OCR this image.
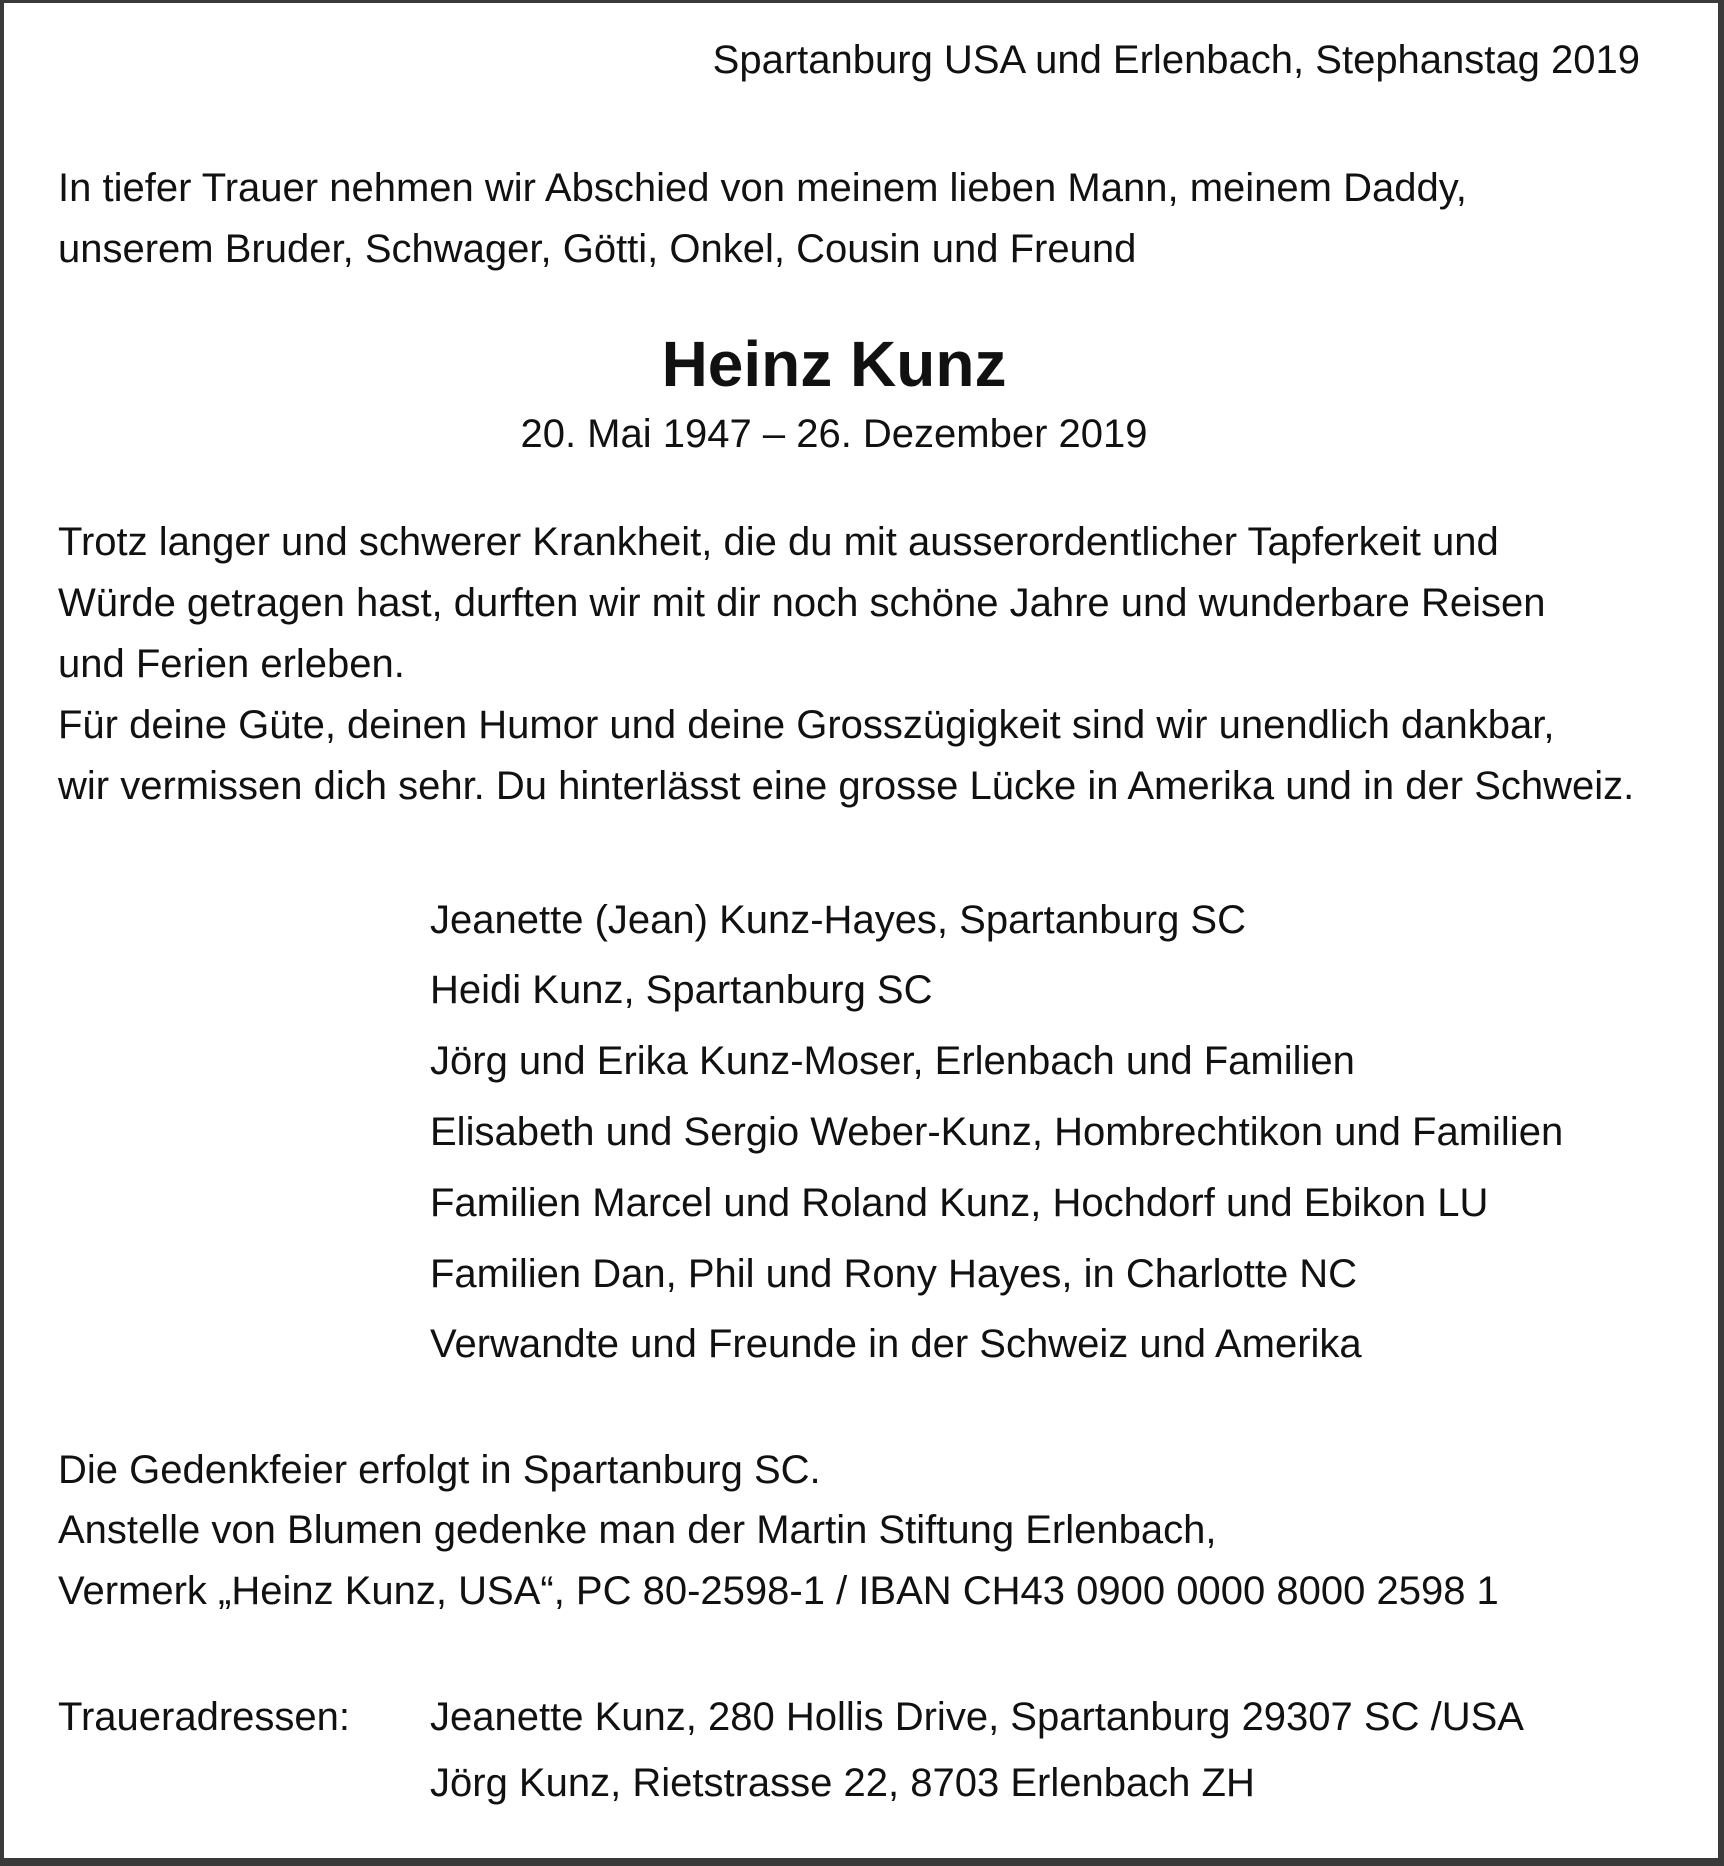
Spartanburg USA und Erlenbach, Stephanstag 2019

In tiefer Trauer nehmen wir Abschied von meinem lieben Mann, meinem Daddy,

unserem Bruder, Schwager, Götti, Onkel, Cousin und Freund

Heinz Kunz

20. Mai 1947 – 26. Dezember 2019

Trotz langer und schwerer Krankheit, die du mit ausserordentlicher Tapferkeit und

Würde getragen hast, durften wir mit dir noch schöne Jahre und wunderbare Reisen

und Ferien erleben.

Für deine Güte, deinen Humor und deine Grosszügigkeit sind wir unendlich dankbar,

wir vermissen dich sehr. Du hinterlässt eine grosse Lücke in Amerika und in der Schweiz.

Jeanette (Jean) Kunz-Hayes, Spartanburg SC

Heidi Kunz, Spartanburg SC

Jörg und Erika Kunz-Moser, Erlenbach und Familien

Elisabeth und Sergio Weber-Kunz, Hombrechtikon und Familien

Familien Marcel und Roland Kunz, Hochdorf und Ebikon LU

Familien Dan, Phil und Rony Hayes, in Charlotte NC

Verwandte und Freunde in der Schweiz und Amerika

Die Gedenkfeier erfolgt in Spartanburg SC.

Anstelle von Blumen gedenke man der Martin Stiftung Erlenbach,

Vermerk „Heinz Kunz, USA“, PC 80-2598-1 / IBAN CH43 0900 0000 8000 2598 1

Traueradressen: Jeanette Kunz, 280 Hollis Drive, Spartanburg 29307 SC /USA

Jörg Kunz, Rietstrasse 22, 8703 Erlenbach ZH
